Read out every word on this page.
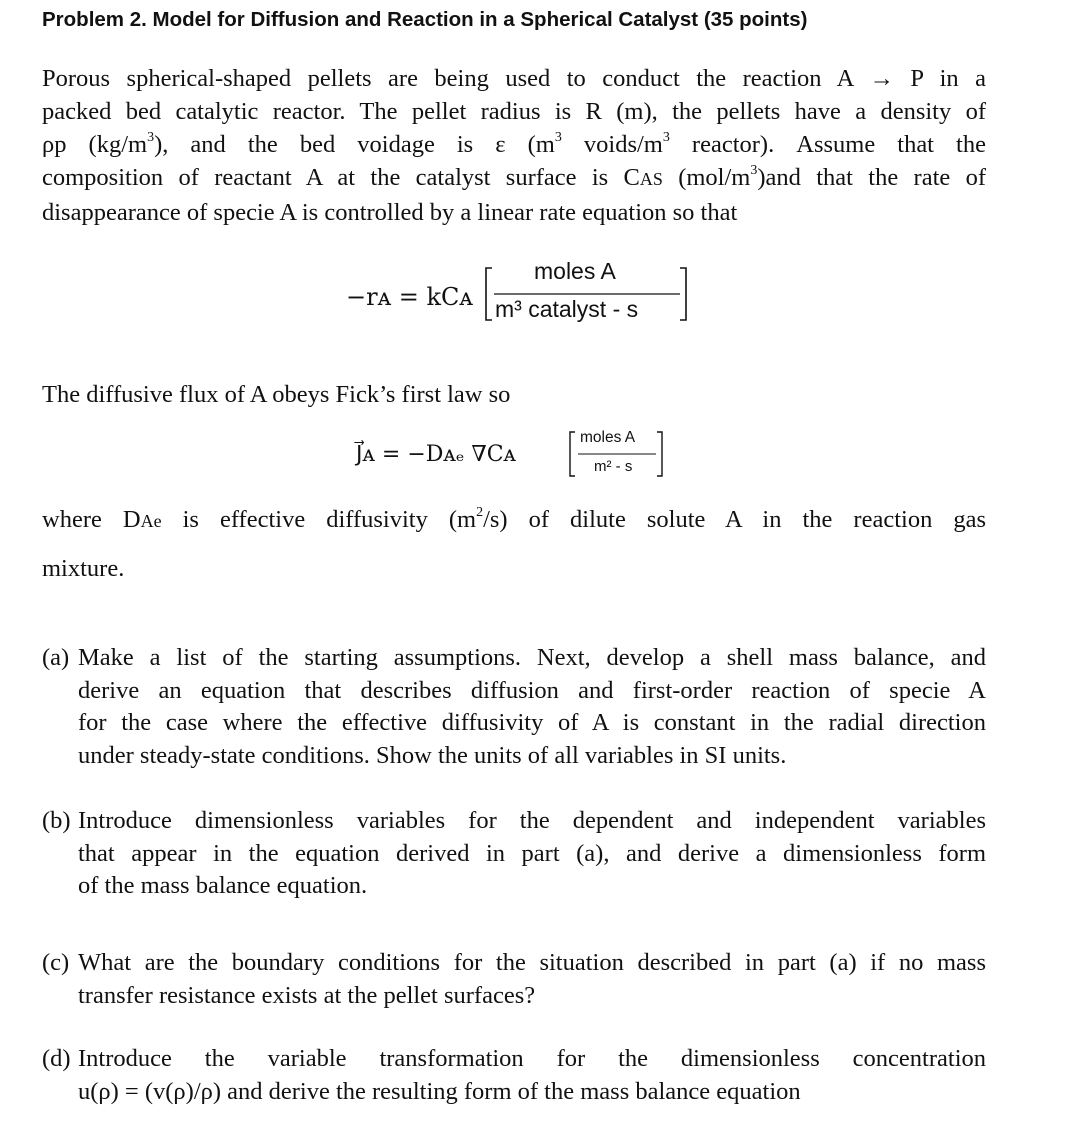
Problem 2. Model for Diffusion and Reaction in a Spherical Catalyst (35 points)
Porous spherical-shaped pellets are being used to conduct the reaction A → P in a
packed bed catalytic reactor. The pellet radius is R (m), the pellets have a density of
ρp $(kg/m^3)$, and the bed voidage is ε ($m^3$ voids/$m^3$ reactor). Assume that the
composition of reactant A at the catalyst surface is CAS $(mol/m^3)and$ that the rate of
disappearance of specie A is controlled by a linear rate equation so that
−rᴀ = kCᴀ
moles A
m³ catalyst - s
The diffusive flux of A obeys Fick’s first law so
J⃗ᴀ = −Dᴀₑ ∇Cᴀ
moles A
m² - s
where DAe is effective diffusivity $(m^2/s)$ of dilute solute A in the reaction gas
mixture.
(a) Make a list of the starting assumptions. Next, develop a shell mass balance, and
derive an equation that describes diffusion and first-order reaction of specie A
for the case where the effective diffusivity of A is constant in the radial direction
under steady-state conditions. Show the units of all variables in SI units.
(b) Introduce dimensionless variables for the dependent and independent variables
that appear in the equation derived in part (a), and derive a dimensionless form
of the mass balance equation.
(c) What are the boundary conditions for the situation described in part (a) if no mass
transfer resistance exists at the pellet surfaces?
(d) Introduce the variable transformation for the dimensionless concentration
u(ρ) = (v(ρ)/ρ) and derive the resulting form of the mass balance equation
